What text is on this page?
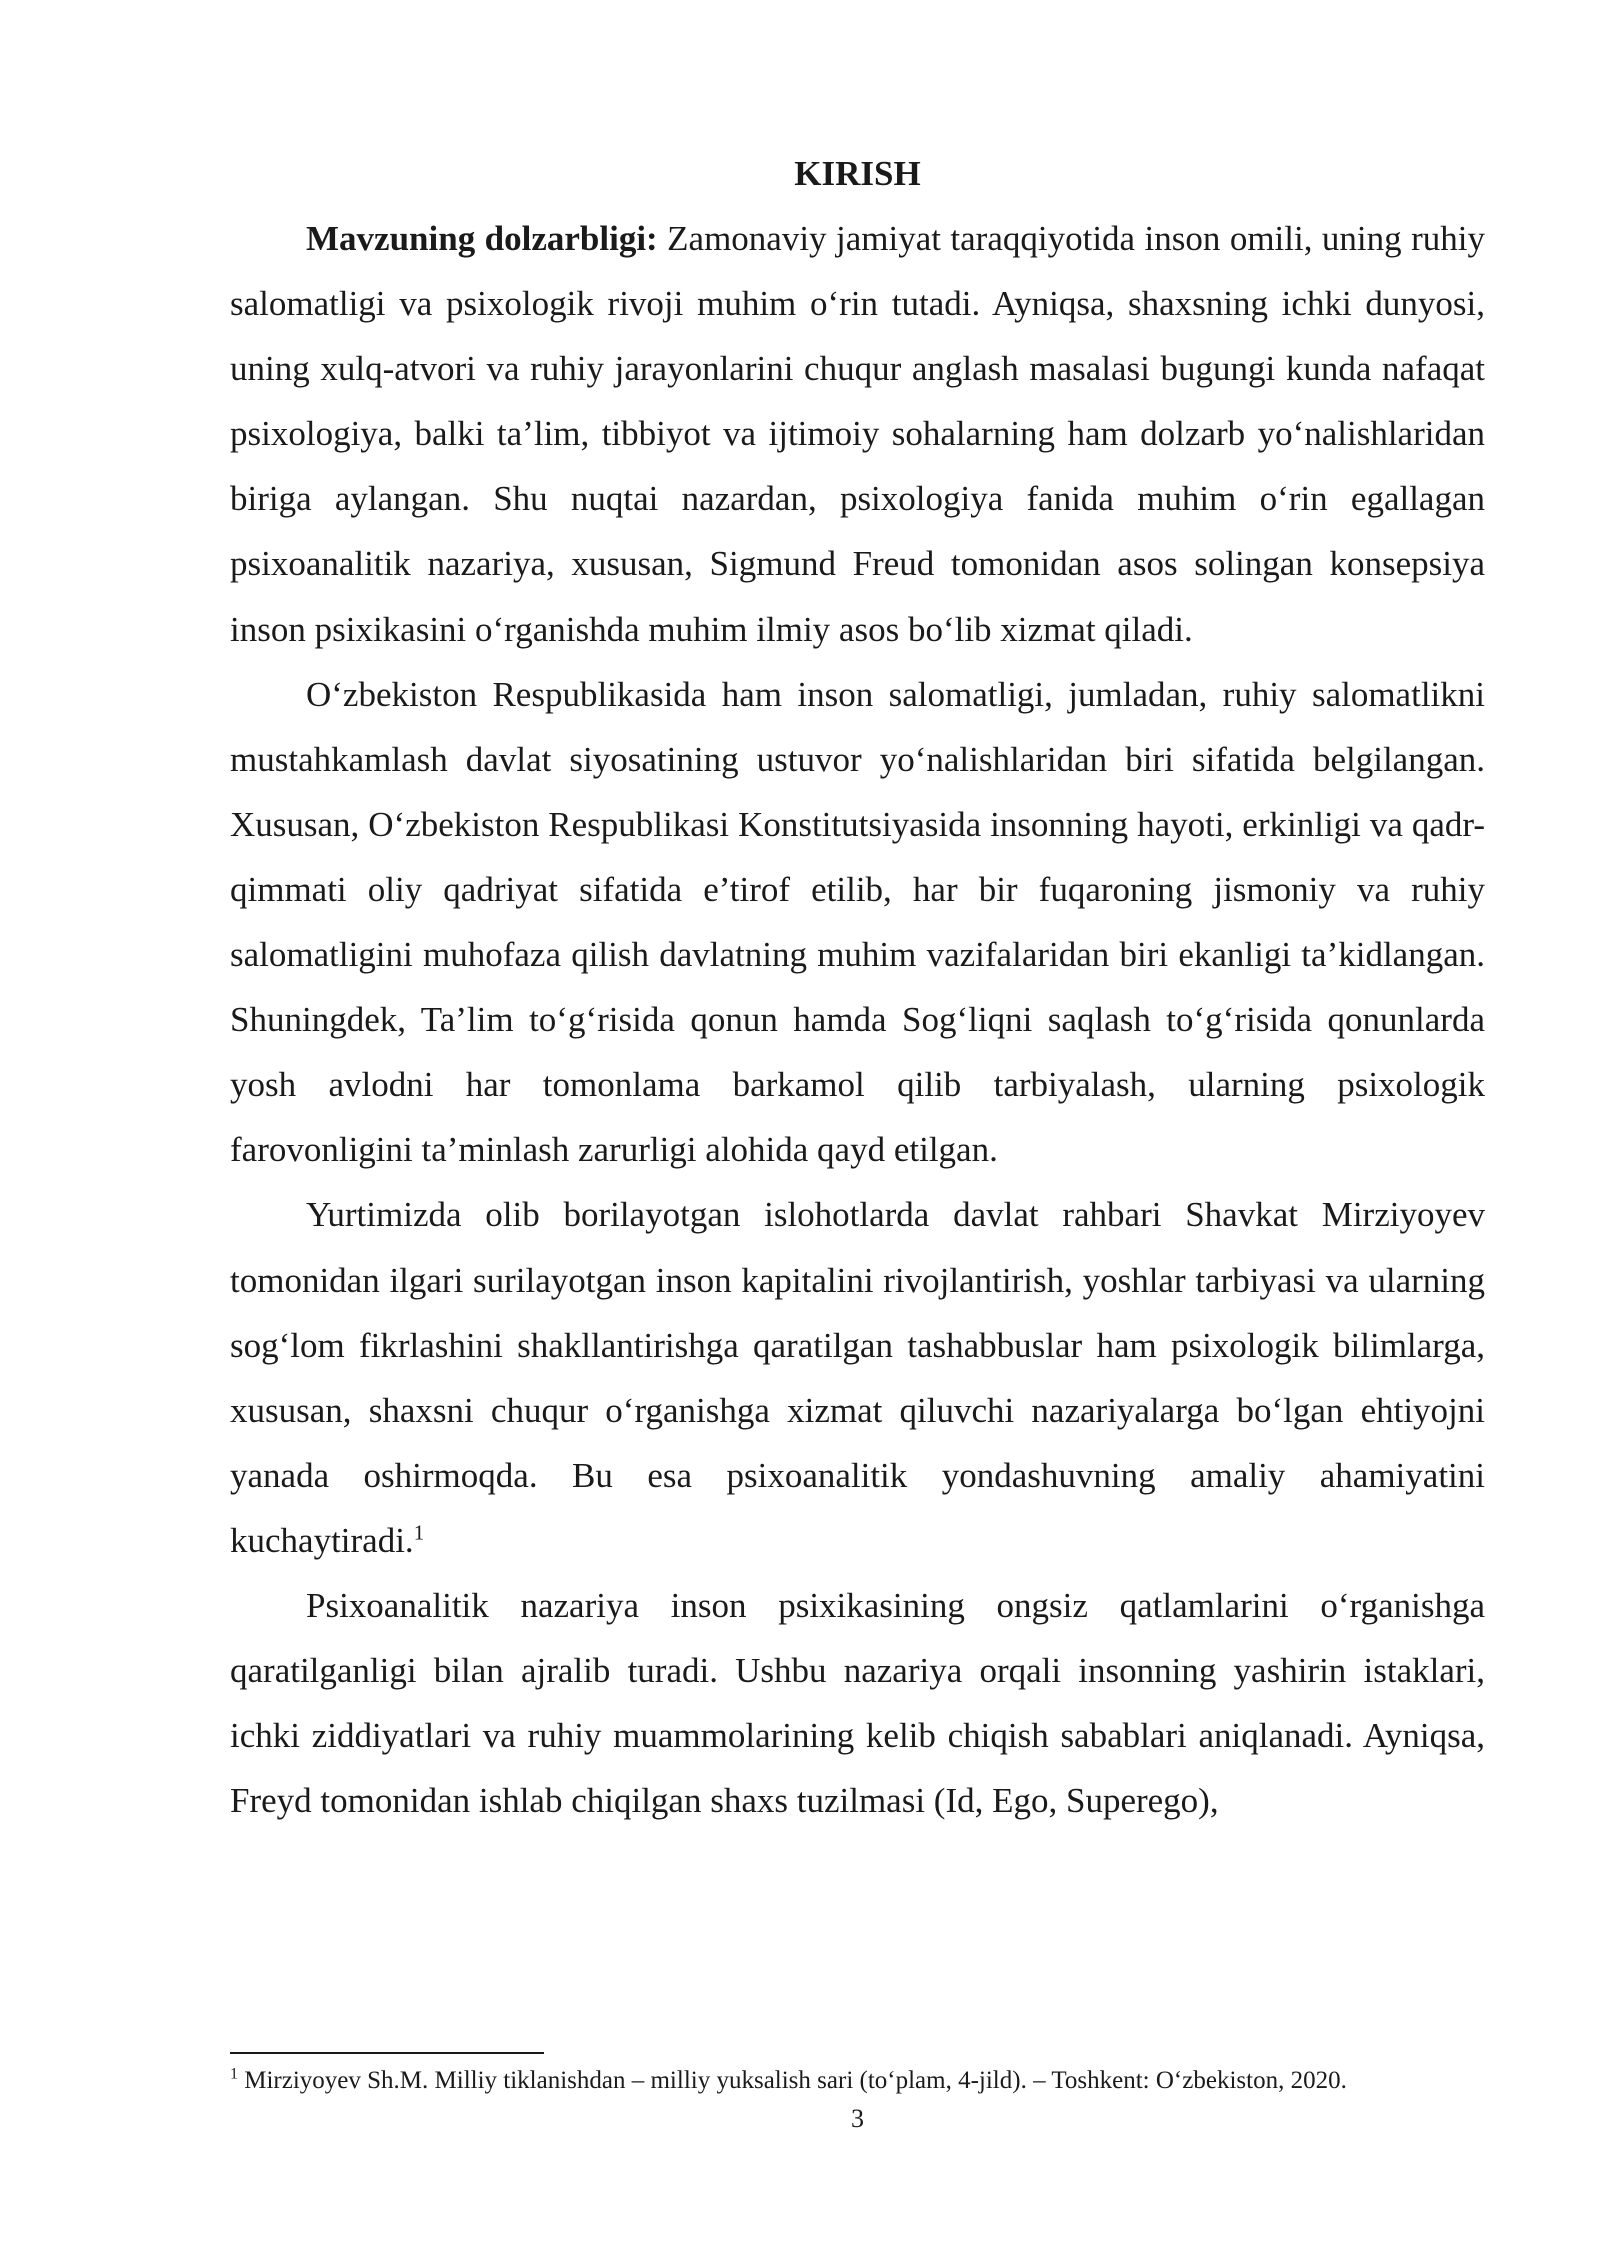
KIRISH

Mavzuning dolzarbligi: Zamonaviy jamiyat taraqqiyotida inson omili, uning ruhiy salomatligi va psixologik rivoji muhim o‘rin tutadi. Ayniqsa, shaxsning ichki dunyosi, uning xulq-atvori va ruhiy jarayonlarini chuqur anglash masalasi bugungi kunda nafaqat psixologiya, balki ta’lim, tibbiyot va ijtimoiy sohalarning ham dolzarb yo‘nalishlaridan biriga aylangan. Shu nuqtai nazardan, psixologiya fanida muhim o‘rin egallagan psixoanalitik nazariya, xususan, Sigmund Freud tomonidan asos solingan konsepsiya inson psixikasini o‘rganishda muhim ilmiy asos bo‘lib xizmat qiladi.

O‘zbekiston Respublikasida ham inson salomatligi, jumladan, ruhiy salomatlikni mustahkamlash davlat siyosatining ustuvor yo‘nalishlaridan biri sifatida belgilangan. Xususan, O‘zbekiston Respublikasi Konstitutsiyasida insonning hayoti, erkinligi va qadr-qimmati oliy qadriyat sifatida e’tirof etilib, har bir fuqaroning jismoniy va ruhiy salomatligini muhofaza qilish davlatning muhim vazifalaridan biri ekanligi ta’kidlangan. Shuningdek, Ta’lim to‘g‘risida qonun hamda Sog‘liqni saqlash to‘g‘risida qonunlarda yosh avlodni har tomonlama barkamol qilib tarbiyalash, ularning psixologik farovonligini ta’minlash zarurligi alohida qayd etilgan.

Yurtimizda olib borilayotgan islohotlarda davlat rahbari Shavkat Mirziyoyev tomonidan ilgari surilayotgan inson kapitalini rivojlantirish, yoshlar tarbiyasi va ularning sog‘lom fikrlashini shakllantirishga qaratilgan tashabbuslar ham psixologik bilimlarga, xususan, shaxsni chuqur o‘rganishga xizmat qiluvchi nazariyalarga bo‘lgan ehtiyojni yanada oshirmoqda. Bu esa psixoanalitik yondashuvning amaliy ahamiyatini kuchaytiradi.$^1$

Psixoanalitik nazariya inson psixikasining ongsiz qatlamlarini o‘rganishga qaratilganligi bilan ajralib turadi. Ushbu nazariya orqali insonning yashirin istaklari, ichki ziddiyatlari va ruhiy muammolarining kelib chiqish sabablari aniqlanadi. Ayniqsa, Freyd tomonidan ishlab chiqilgan shaxs tuzilmasi (Id, Ego, Superego),

$^1$ Mirziyoyev Sh.M. Milliy tiklanishdan – milliy yuksalish sari (to‘plam, 4-jild). – Toshkent: O‘zbekiston, 2020.
3
